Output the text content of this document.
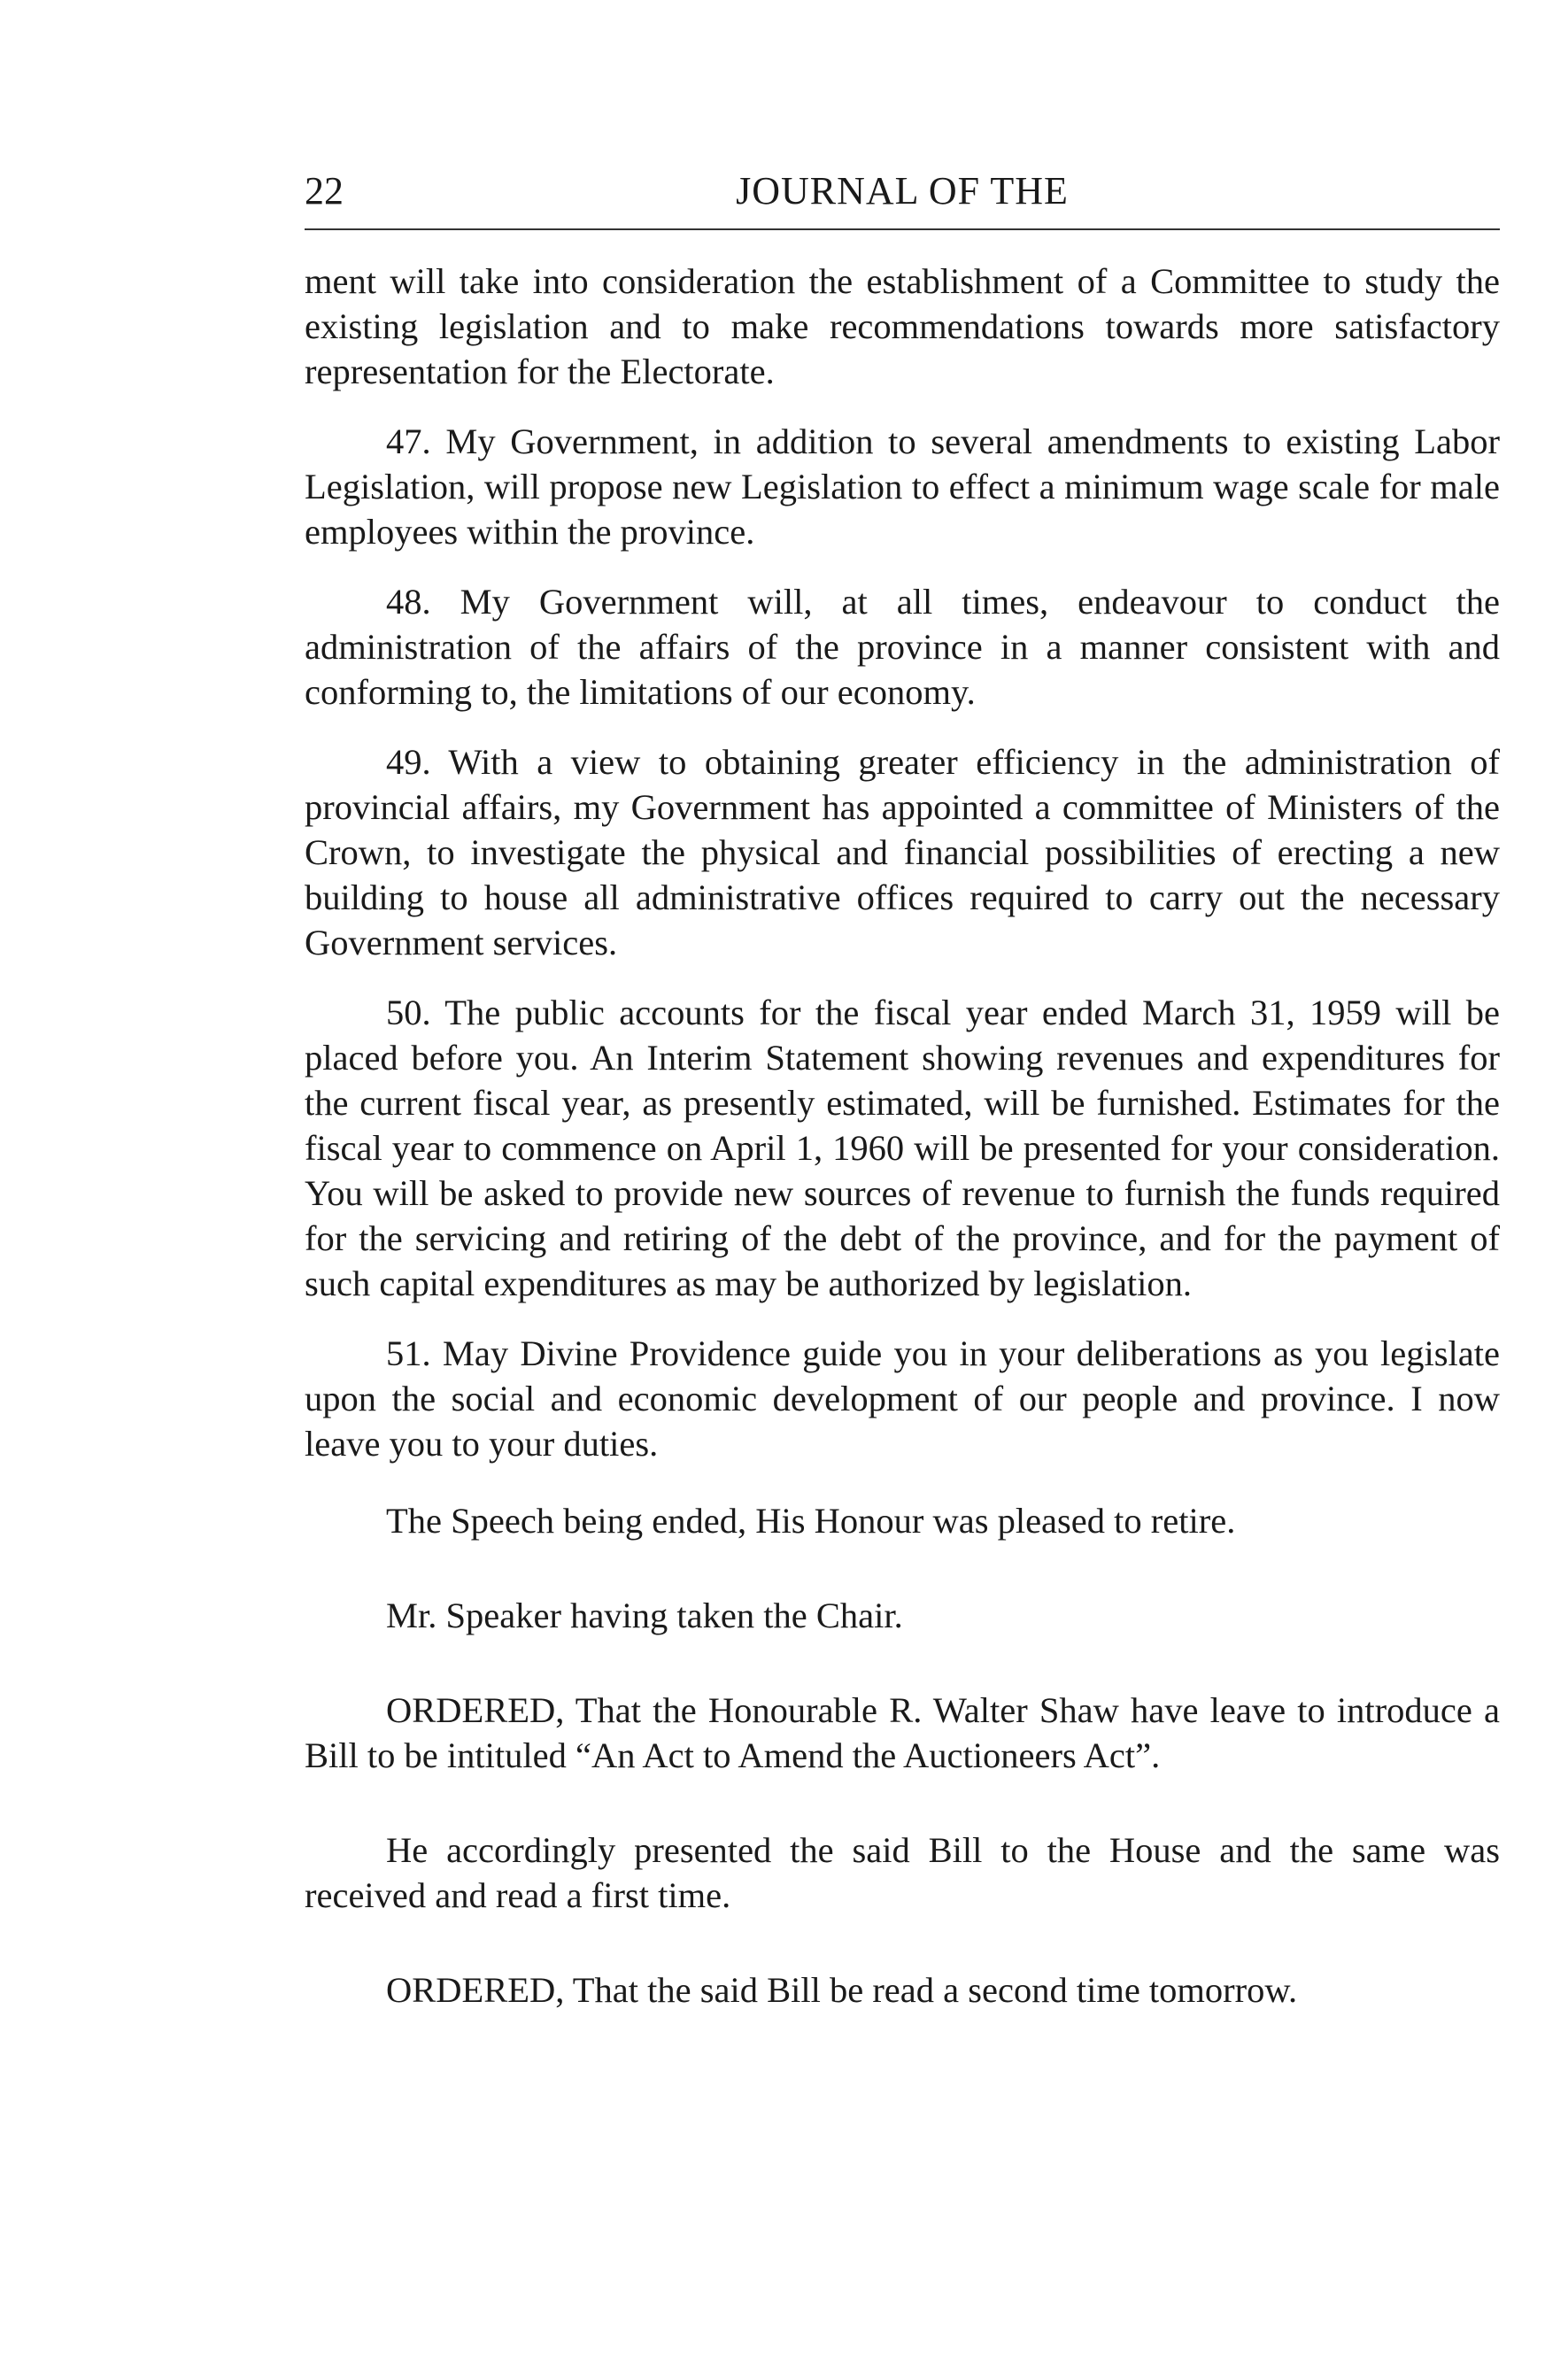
22	JOURNAL OF THE

ment will take into consideration the establishment of a Committee to study the existing legislation and to make recommendations towards more satisfactory representation for the Electorate.

47. My Government, in addition to several amendments to existing Labor Legislation, will propose new Legislation to effect a minimum wage scale for male employees within the province.

48. My Government will, at all times, endeavour to conduct the administration of the affairs of the province in a manner consistent with and conforming to, the limitations of our economy.

49. With a view to obtaining greater efficiency in the administration of provincial affairs, my Government has appointed a committee of Ministers of the Crown, to investigate the physical and financial possibilities of erecting a new building to house all administrative offices required to carry out the necessary Government services.

50. The public accounts for the fiscal year ended March 31, 1959 will be placed before you. An Interim Statement showing revenues and expenditures for the current fiscal year, as presently estimated, will be furnished. Estimates for the fiscal year to commence on April 1, 1960 will be presented for your consideration. You will be asked to provide new sources of revenue to furnish the funds required for the servicing and retiring of the debt of the province, and for the payment of such capital expenditures as may be authorized by legislation.

51. May Divine Providence guide you in your deliberations as you legislate upon the social and economic development of our people and province. I now leave you to your duties.

The Speech being ended, His Honour was pleased to retire.

Mr. Speaker having taken the Chair.

ORDERED, That the Honourable R. Walter Shaw have leave to introduce a Bill to be intituled “An Act to Amend the Auctioneers Act”.

He accordingly presented the said Bill to the House and the same was received and read a first time.

ORDERED, That the said Bill be read a second time tomorrow.
